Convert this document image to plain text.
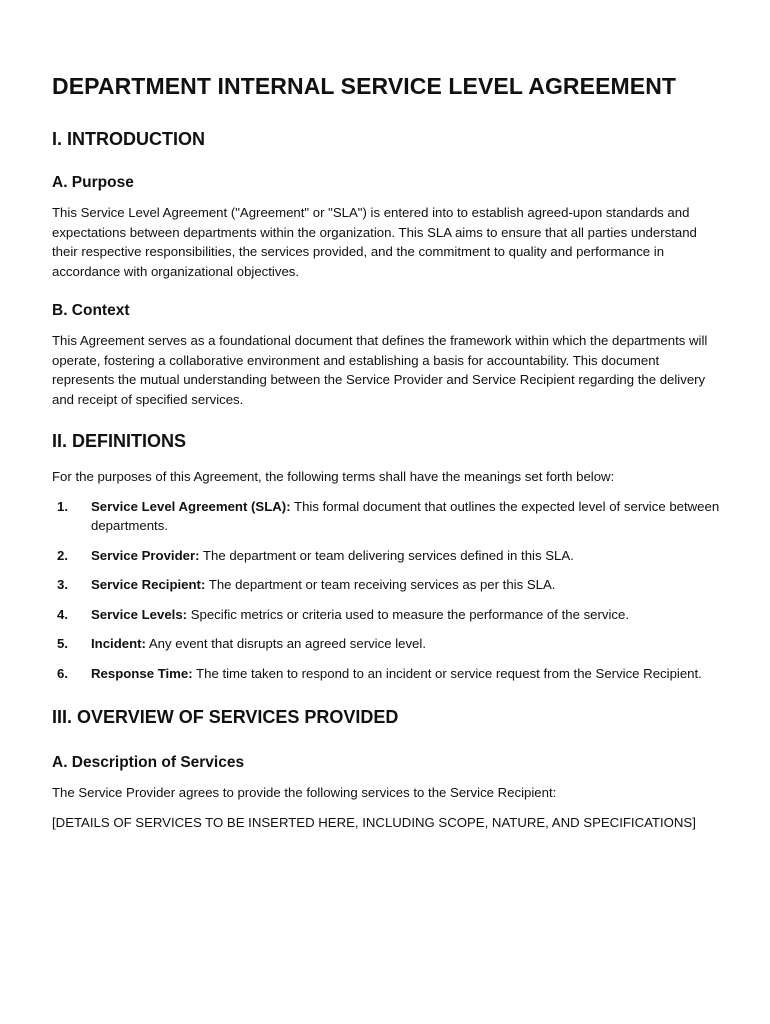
DEPARTMENT INTERNAL SERVICE LEVEL AGREEMENT
I. INTRODUCTION
A. Purpose

This Service Level Agreement ("Agreement" or "SLA") is entered into to establish agreed-upon standards and expectations between departments within the organization. This SLA aims to ensure that all parties understand their respective responsibilities, the services provided, and the commitment to quality and performance in accordance with organizational objectives.

B. Context

This Agreement serves as a foundational document that defines the framework within which the departments will operate, fostering a collaborative environment and establishing a basis for accountability. This document represents the mutual understanding between the Service Provider and Service Recipient regarding the delivery and receipt of specified services.

II. DEFINITIONS

For the purposes of this Agreement, the following terms shall have the meanings set forth below:

1.	Service Level Agreement (SLA): This formal document that outlines the expected level of service between departments.
2.	Service Provider: The department or team delivering services defined in this SLA.
3.	Service Recipient: The department or team receiving services as per this SLA.
4.	Service Levels: Specific metrics or criteria used to measure the performance of the service.
5.	Incident: Any event that disrupts an agreed service level.
6.	Response Time: The time taken to respond to an incident or service request from the Service Recipient.
III. OVERVIEW OF SERVICES PROVIDED
A. Description of Services

The Service Provider agrees to provide the following services to the Service Recipient:

[DETAILS OF SERVICES TO BE INSERTED HERE, INCLUDING SCOPE, NATURE, AND SPECIFICATIONS]
